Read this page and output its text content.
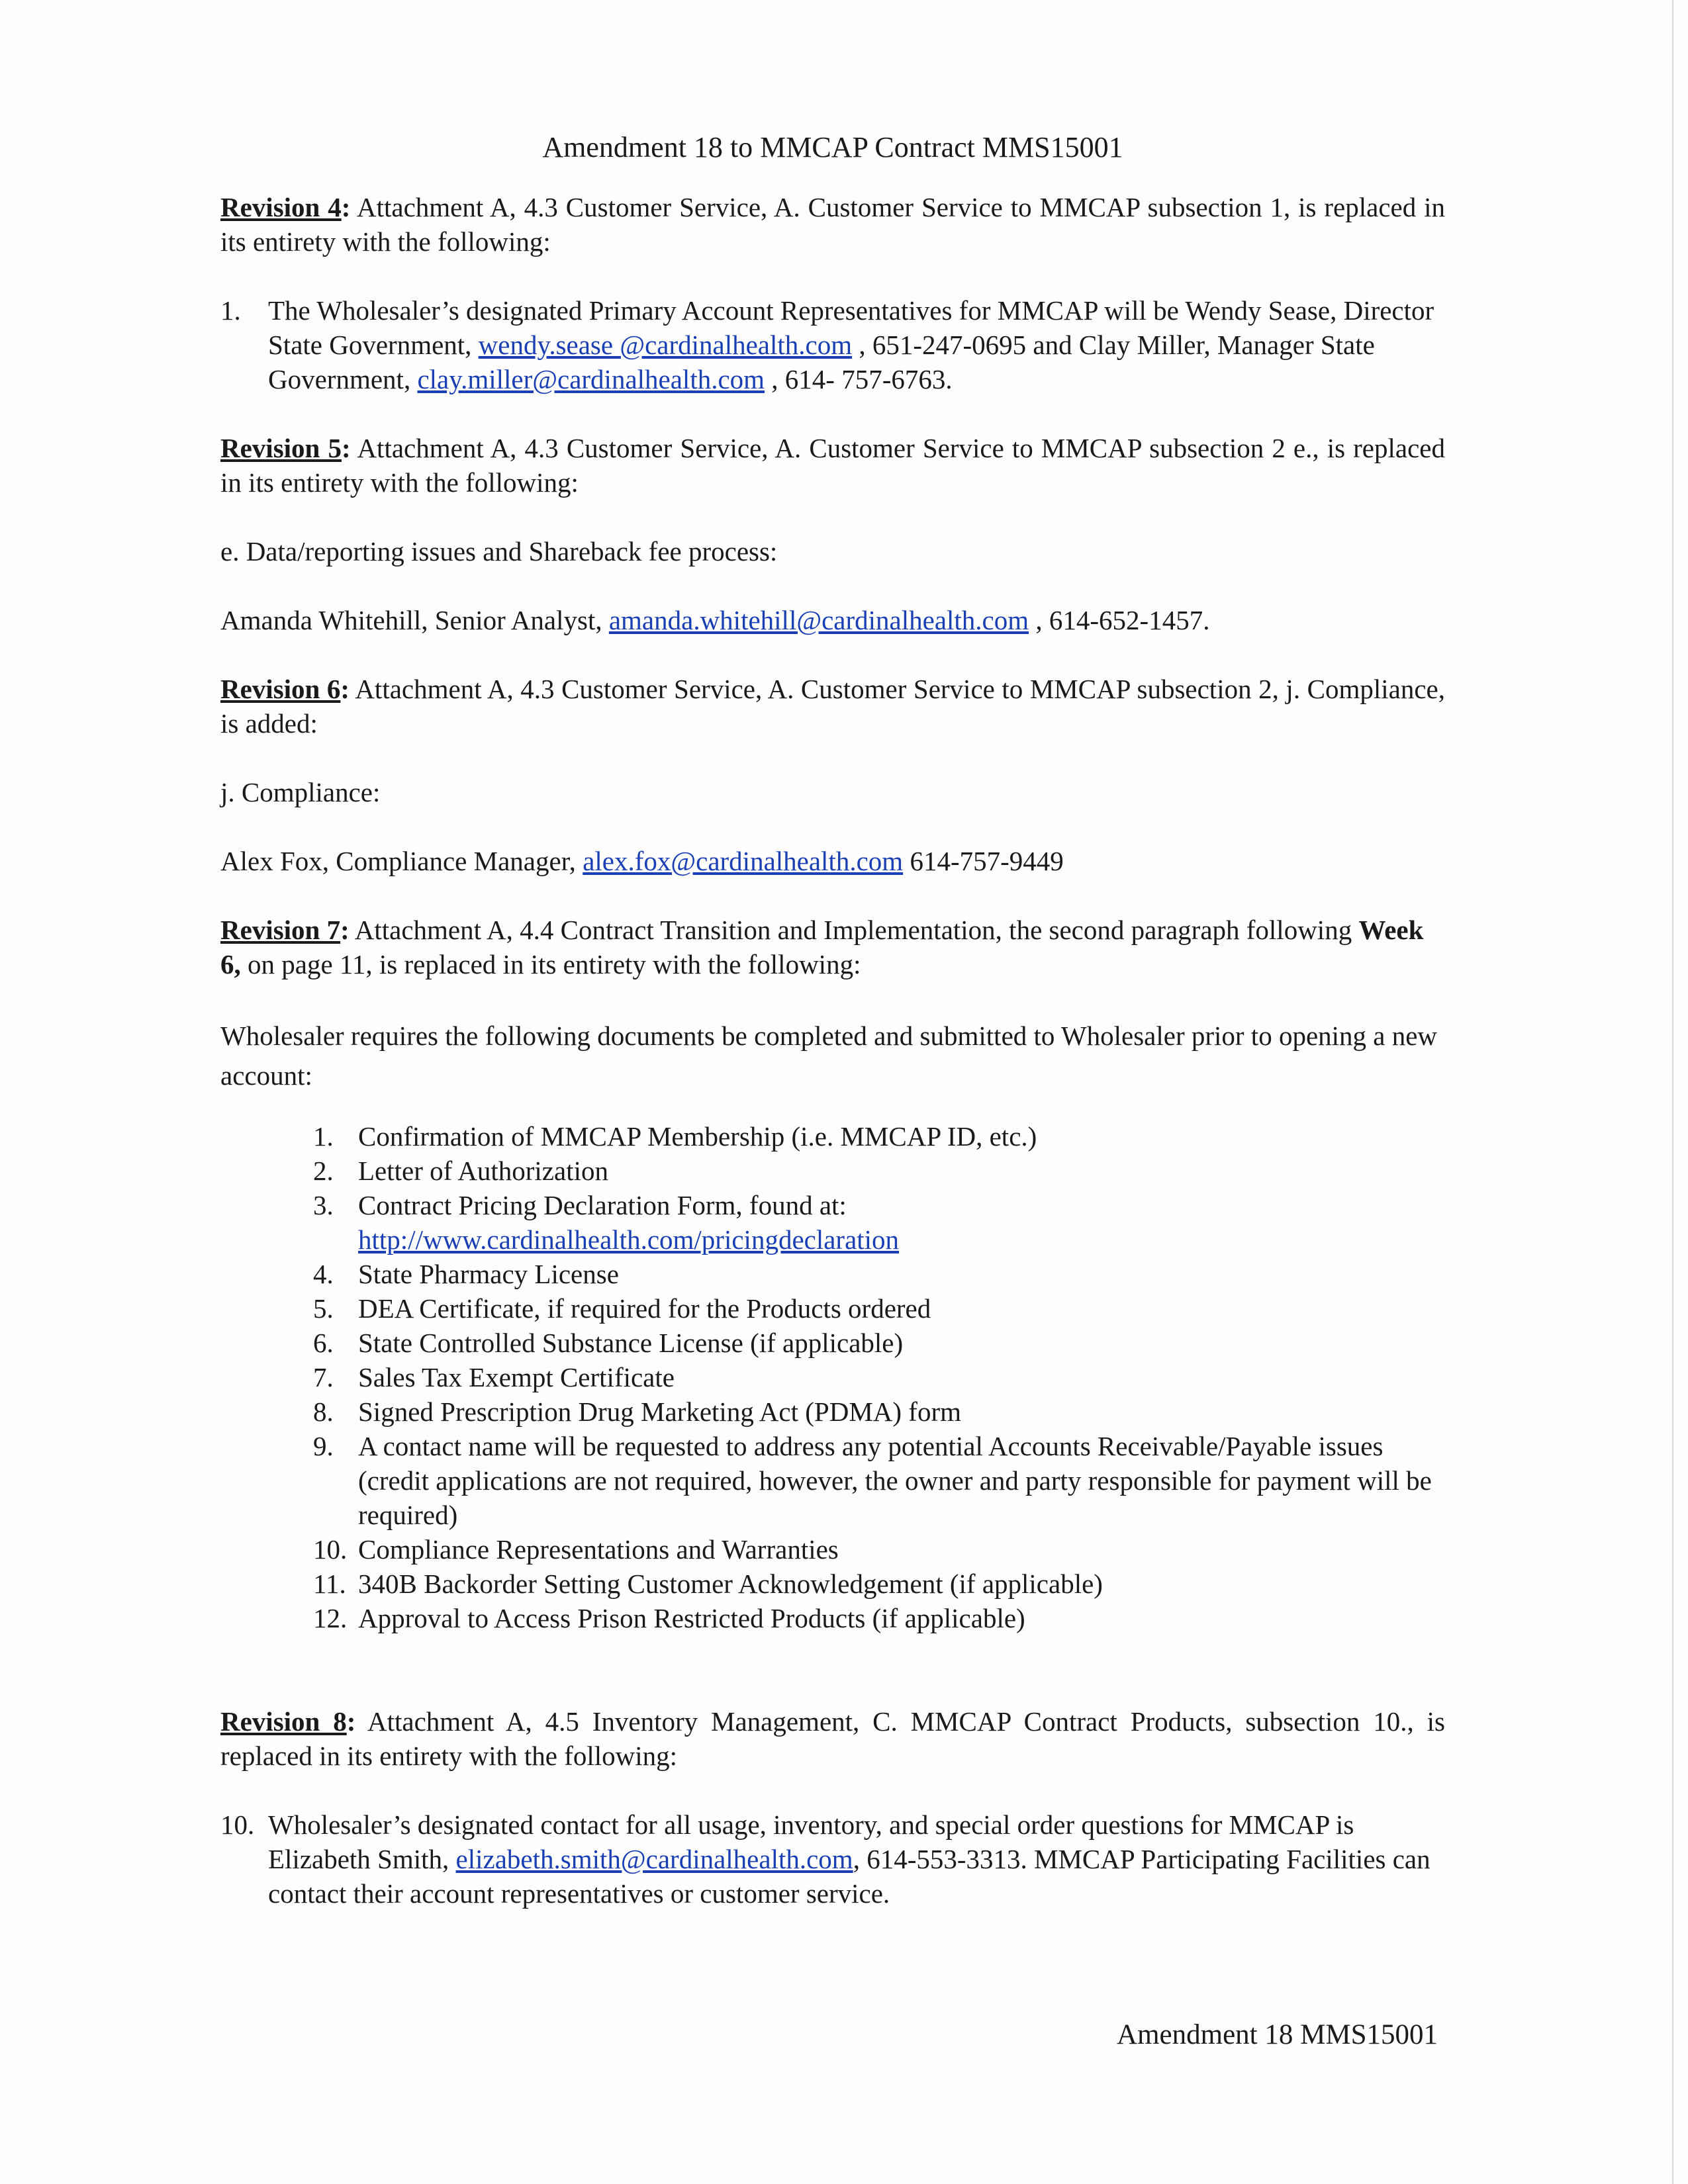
Amendment 18 to MMCAP Contract MMS15001

Revision 4: Attachment A, 4.3 Customer Service, A. Customer Service to MMCAP subsection 1, is replaced in its entirety with the following:

1.	The Wholesaler’s designated Primary Account Representatives for MMCAP will be Wendy Sease, Director State Government, wendy.sease @cardinalhealth.com , 651-247-0695 and Clay Miller, Manager State Government, clay.miller@cardinalhealth.com , 614- 757-6763.

Revision 5: Attachment A, 4.3 Customer Service, A. Customer Service to MMCAP subsection 2 e., is replaced in its entirety with the following:

e. Data/reporting issues and Shareback fee process:

Amanda Whitehill, Senior Analyst, amanda.whitehill@cardinalhealth.com , 614-652-1457.

Revision 6: Attachment A, 4.3 Customer Service, A. Customer Service to MMCAP subsection 2, j. Compliance, is added:

j. Compliance:

Alex Fox, Compliance Manager, alex.fox@cardinalhealth.com 614-757-9449

Revision 7: Attachment A, 4.4 Contract Transition and Implementation, the second paragraph following Week 6, on page 11, is replaced in its entirety with the following:

Wholesaler requires the following documents be completed and submitted to Wholesaler prior to opening a new account:

1. Confirmation of MMCAP Membership (i.e. MMCAP ID, etc.)
2. Letter of Authorization
3. Contract Pricing Declaration Form, found at:
http://www.cardinalhealth.com/pricingdeclaration
4. State Pharmacy License
5. DEA Certificate, if required for the Products ordered
6. State Controlled Substance License (if applicable)
7. Sales Tax Exempt Certificate
8. Signed Prescription Drug Marketing Act (PDMA) form
9. A contact name will be requested to address any potential Accounts Receivable/Payable issues (credit applications are not required, however, the owner and party responsible for payment will be required)
10. Compliance Representations and Warranties
11. 340B Backorder Setting Customer Acknowledgement (if applicable)
12. Approval to Access Prison Restricted Products (if applicable)

Revision 8: Attachment A, 4.5 Inventory Management, C. MMCAP Contract Products, subsection 10., is replaced in its entirety with the following:

10. Wholesaler’s designated contact for all usage, inventory, and special order questions for MMCAP is Elizabeth Smith, elizabeth.smith@cardinalhealth.com, 614-553-3313. MMCAP Participating Facilities can contact their account representatives or customer service.
Amendment 18 MMS15001
